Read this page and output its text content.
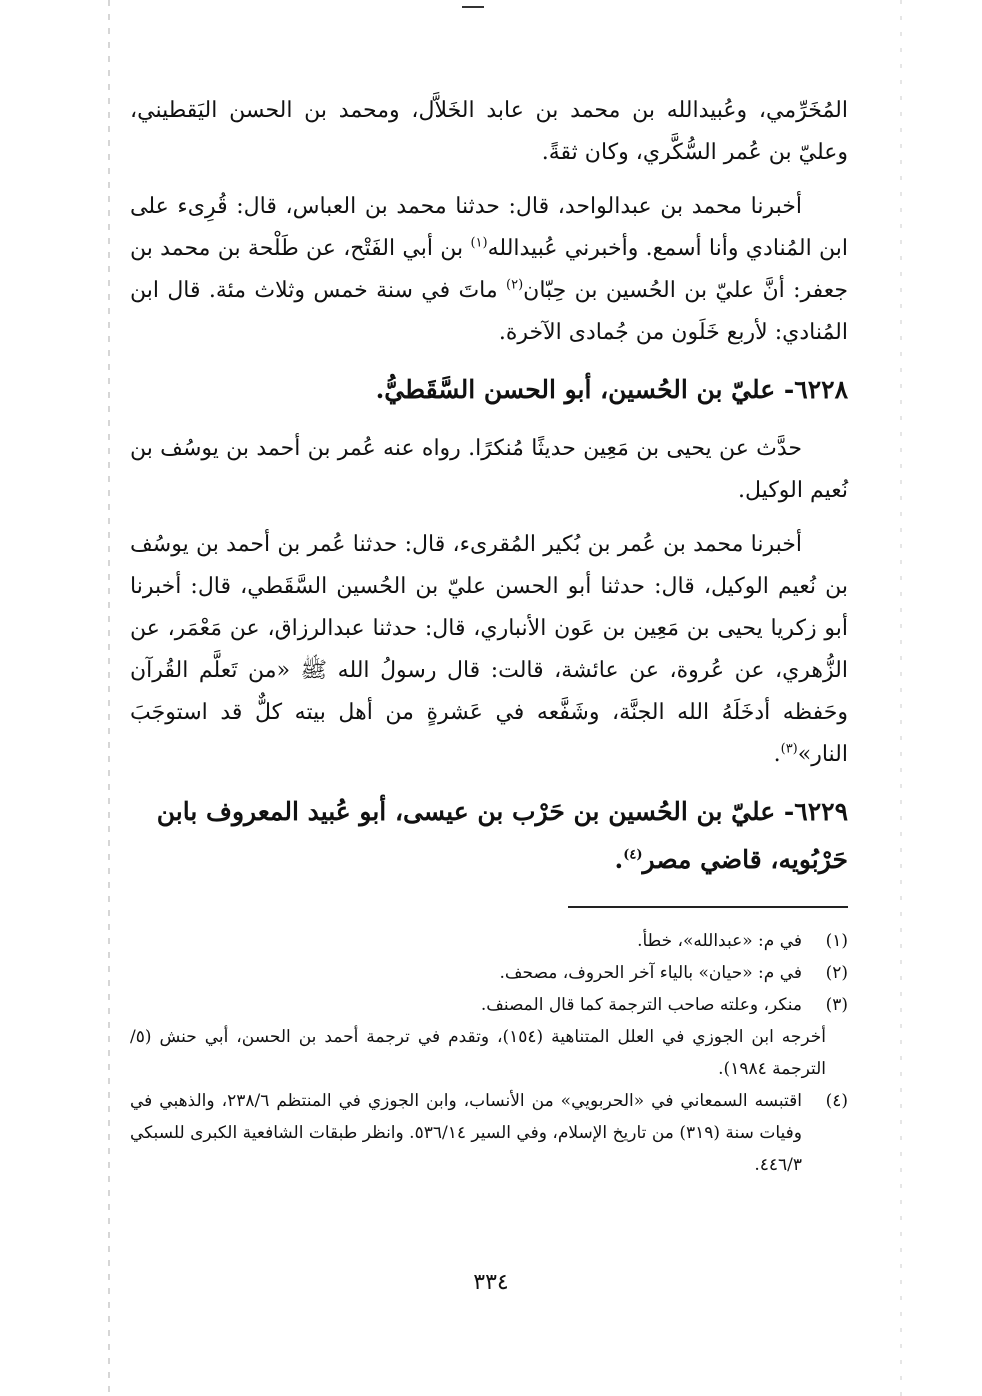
المُخَرِّمي، وعُبيدالله بن محمد بن عابد الخَلاَّل، ومحمد بن الحسن اليَقطيني، وعليّ بن عُمر السُّكَّري، وكان ثقةً.

أخبرنا محمد بن عبدالواحد، قال: حدثنا محمد بن العباس، قال: قُرِىء على ابن المُنادي وأنا أسمع. وأخبرني عُبيدالله$^{(١)}$ بن أبي الفَتْح، عن طَلْحة بن محمد بن جعفر: أنَّ عليّ بن الحُسين بن حِبّان$^{(٢)}$ ماتَ في سنة خمس وثلاث مئة. قال ابن المُنادي: لأربع خَلَون من جُمادى الآخرة.

٦٢٢٨- عليّ بن الحُسين، أبو الحسن السَّقَطيُّ.

حدَّث عن يحيى بن مَعِين حديثًا مُنكرًا. رواه عنه عُمر بن أحمد بن يوسُف بن نُعيم الوكيل.

أخبرنا محمد بن عُمر بن بُكير المُقرىء، قال: حدثنا عُمر بن أحمد بن يوسُف بن نُعيم الوكيل، قال: حدثنا أبو الحسن عليّ بن الحُسين السَّقَطي، قال: أخبرنا أبو زكريا يحيى بن مَعِين بن عَون الأنباري، قال: حدثنا عبدالرزاق، عن مَعْمَر، عن الزُّهري، عن عُروة، عن عائشة، قالت: قال رسولُ الله ﷺ «من تَعلَّم القُرآن وحَفظه أدخَلَهُ الله الجنَّة، وشَفَّعه في عَشرةٍ من أهل بيته كلٌّ قد استوجَبَ النار»$^{(٣)}$.

٦٢٢٩- عليّ بن الحُسين بن حَرْب بن عيسى، أبو عُبيد المعروف بابن حَرْبُويه، قاضي مصر$^{(٤)}$.
(١)
في م: «عبدالله»، خطأ.
(٢)
في م: «حيان» بالياء آخر الحروف، مصحف.
(٣)
منكر، وعلته صاحب الترجمة كما قال المصنف.
أخرجه ابن الجوزي في العلل المتناهية (١٥٤)، وتقدم في ترجمة أحمد بن الحسن، أبي حنش (٥/ الترجمة ١٩٨٤).
(٤)
اقتبسه السمعاني في «الحربويي» من الأنساب، وابن الجوزي في المنتظم ٢٣٨/٦، والذهبي في وفيات سنة (٣١٩) من تاريخ الإسلام، وفي السير ٥٣٦/١٤. وانظر طبقات الشافعية الكبرى للسبكي ٤٤٦/٣.
٣٣٤
